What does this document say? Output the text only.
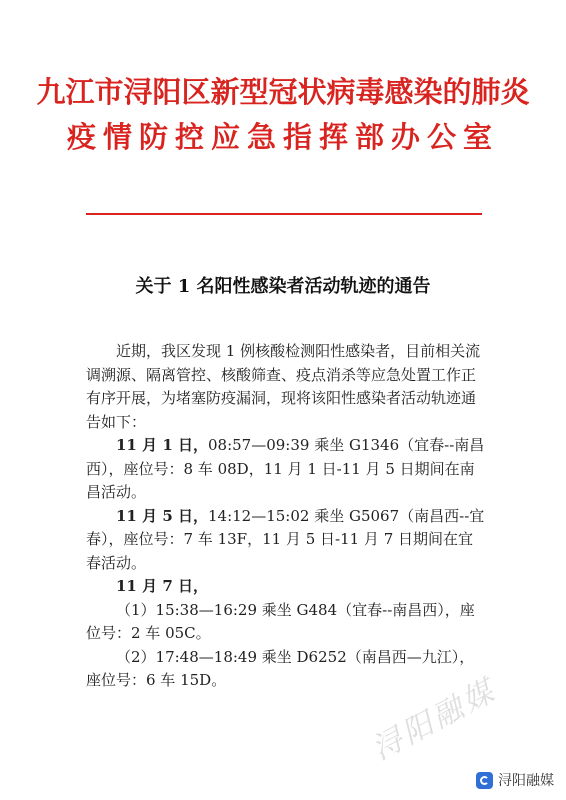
九江市浔阳区新型冠状病毒感染的肺炎
疫情防控应急指挥部办公室
关于 1 名阳性感染者活动轨迹的通告

近期，我区发现 1 例核酸检测阳性感染者，目前相关流调溯源、隔离管控、核酸筛查、疫点消杀等应急处置工作正有序开展，为堵塞防疫漏洞，现将该阳性感染者活动轨迹通告如下：

11 月 1 日，08:57—09:39 乘坐 G1346（宜春--南昌西），座位号：8 车 08D，11 月 1 日-11 月 5 日期间在南昌活动。

11 月 5 日，14:12—15:02 乘坐 G5067（南昌西--宜春），座位号：7 车 13F，11 月 5 日-11 月 7 日期间在宜春活动。

11 月 7 日，

（1）15:38—16:29 乘坐 G484（宜春--南昌西），座位号：2 车 05C。

（2）17:48—18:49 乘坐 D6252（南昌西—九江），座位号：6 车 15D。	浔阳融媒
浔阳融媒
